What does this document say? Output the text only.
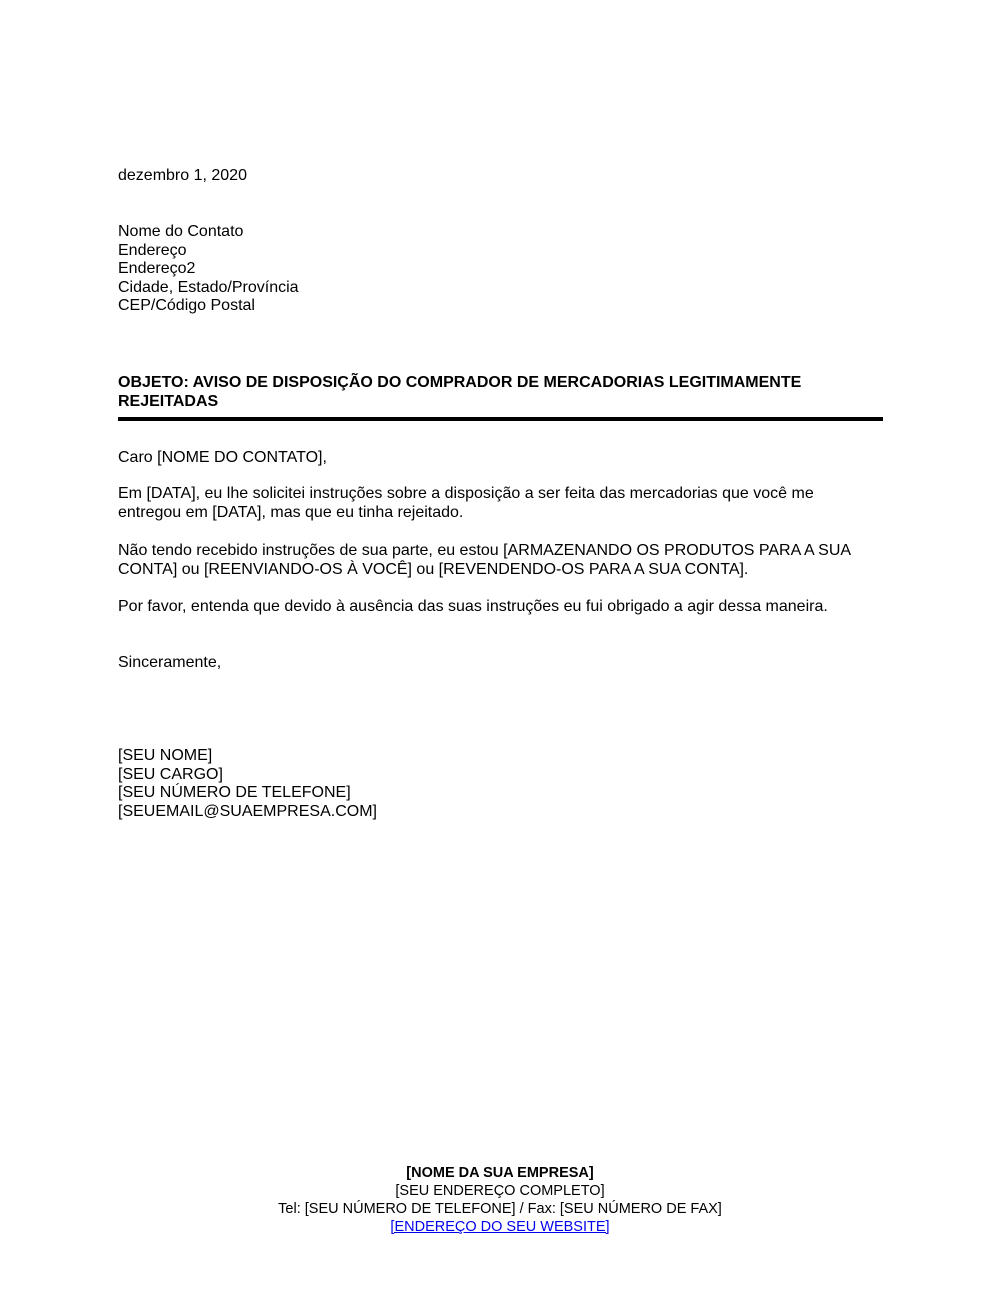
dezembro 1, 2020
Nome do Contato
Endereço
Endereço2
Cidade, Estado/Província
CEP/Código Postal
OBJETO: AVISO DE DISPOSIÇÃO DO COMPRADOR DE MERCADORIAS LEGITIMAMENTE
REJEITADAS
Caro [NOME DO CONTATO],
Em [DATA], eu lhe solicitei instruções sobre a disposição a ser feita das mercadorias que você me
entregou em [DATA], mas que eu tinha rejeitado.
Não tendo recebido instruções de sua parte, eu estou [ARMAZENANDO OS PRODUTOS PARA A SUA
CONTA] ou [REENVIANDO-OS À VOCÊ] ou [REVENDENDO-OS PARA A SUA CONTA].
Por favor, entenda que devido à ausência das suas instruções eu fui obrigado a agir dessa maneira.
Sinceramente,
[SEU NOME]
[SEU CARGO]
[SEU NÚMERO DE TELEFONE]
[SEUEMAIL@SUAEMPRESA.COM]
[NOME DA SUA EMPRESA]
[SEU ENDEREÇO COMPLETO]
Tel: [SEU NÚMERO DE TELEFONE] / Fax: [SEU NÚMERO DE FAX]
[ENDEREÇO DO SEU WEBSITE]
